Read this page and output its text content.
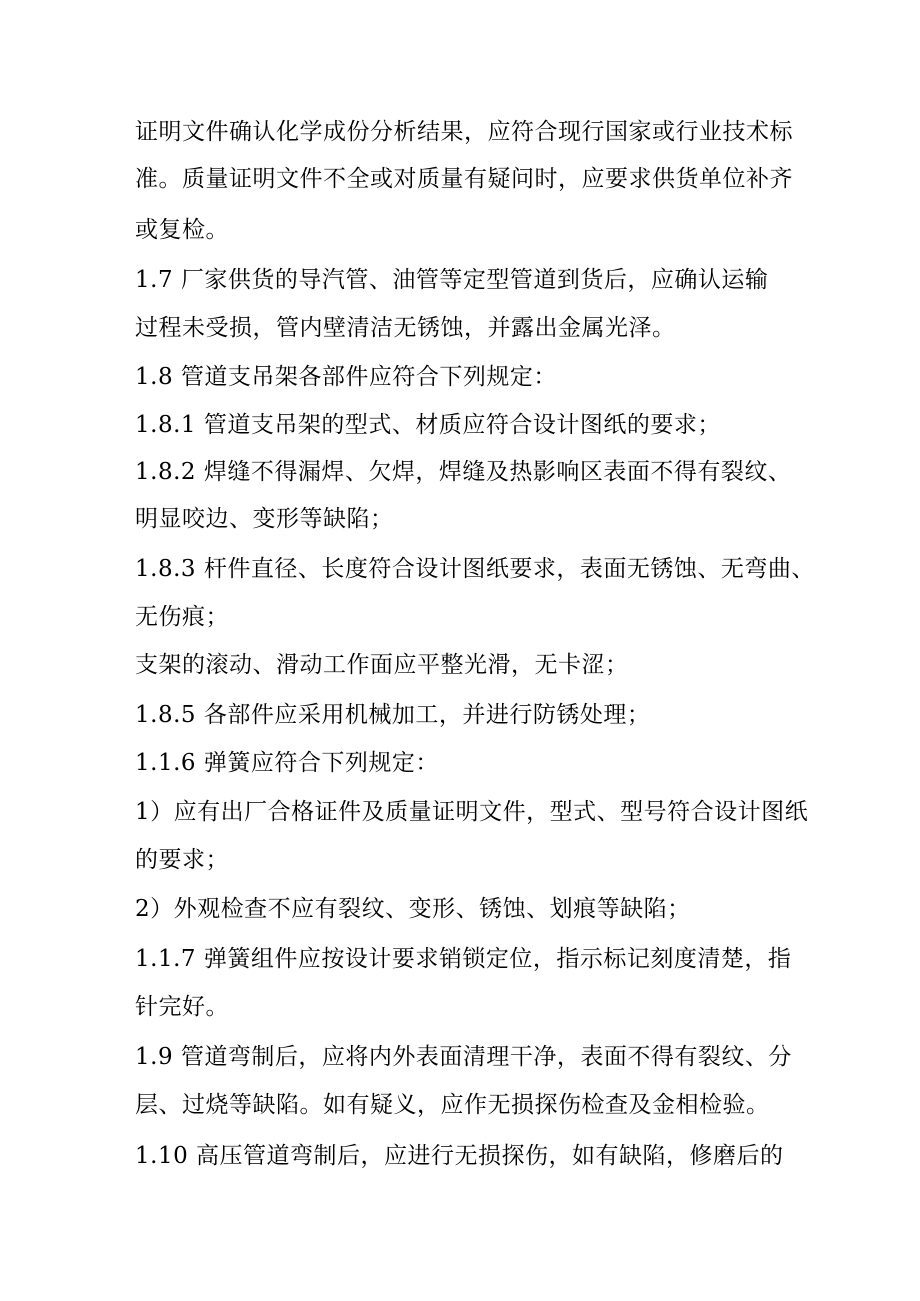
证明文件确认化学成份分析结果，应符合现行国家或行业技术标
准。质量证明文件不全或对质量有疑问时，应要求供货单位补齐
或复检。
1.7 厂家供货的导汽管、油管等定型管道到货后，应确认运输
过程未受损，管内壁清洁无锈蚀，并露出金属光泽。
1.8 管道支吊架各部件应符合下列规定：
1.8.1 管道支吊架的型式、材质应符合设计图纸的要求；
1.8.2 焊缝不得漏焊、欠焊，焊缝及热影响区表面不得有裂纹、
明显咬边、变形等缺陷；
1.8.3 杆件直径、长度符合设计图纸要求，表面无锈蚀、无弯曲、
无伤痕；
支架的滚动、滑动工作面应平整光滑，无卡涩；
1.8.5 各部件应采用机械加工，并进行防锈处理；
1.1.6 弹簧应符合下列规定：
1）应有出厂合格证件及质量证明文件，型式、型号符合设计图纸
的要求；
2）外观检查不应有裂纹、变形、锈蚀、划痕等缺陷；
1.1.7 弹簧组件应按设计要求销锁定位，指示标记刻度清楚，指
针完好。
1.9 管道弯制后，应将内外表面清理干净，表面不得有裂纹、分
层、过烧等缺陷。如有疑义，应作无损探伤检查及金相检验。
1.10 高压管道弯制后，应进行无损探伤，如有缺陷，修磨后的
